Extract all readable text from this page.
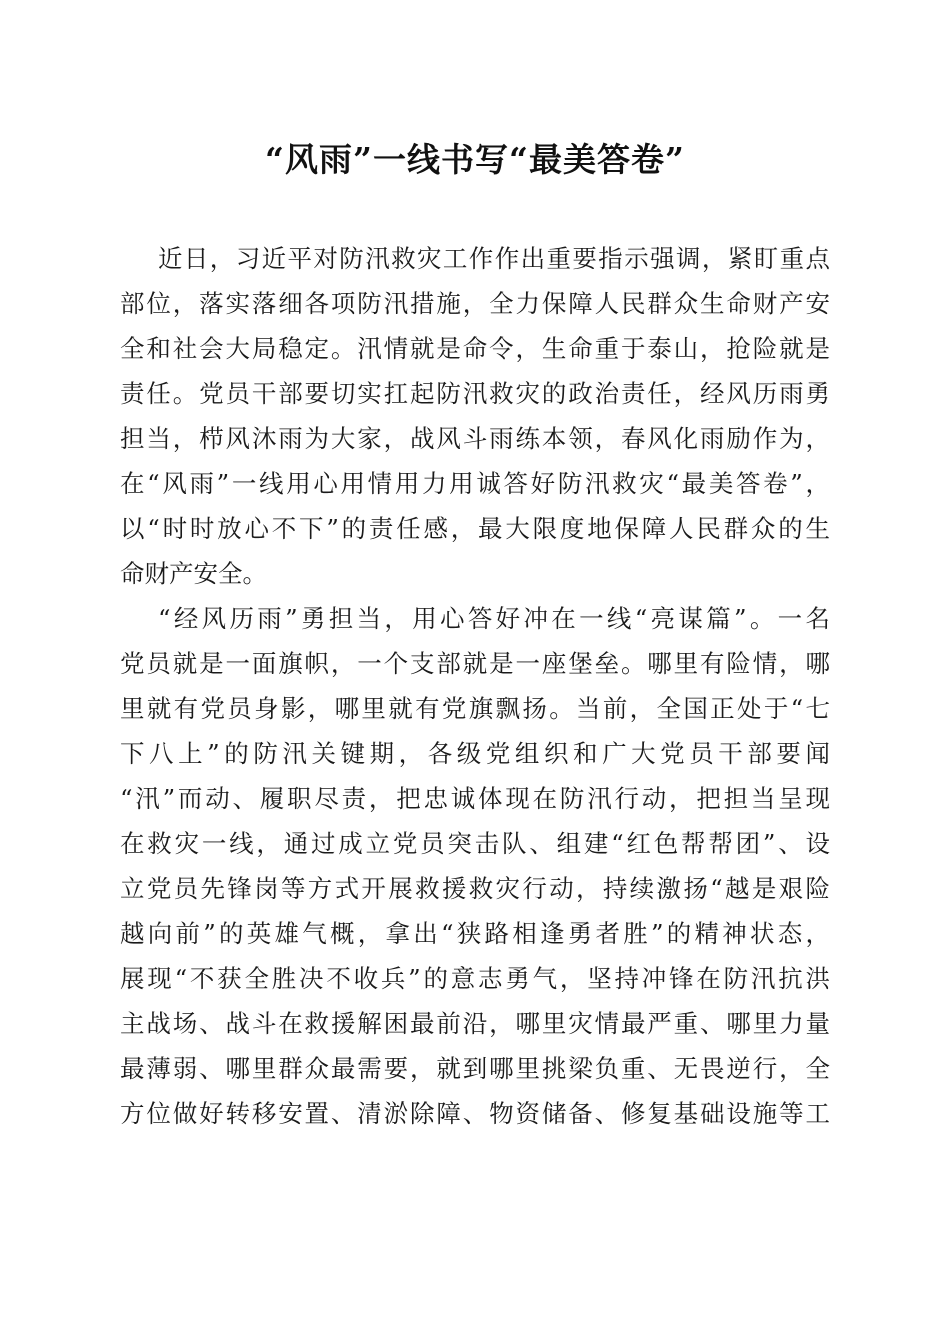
“风雨”一线书写“最美答卷”

近日，习近平对防汛救灾工作作出重要指示强调，紧盯重点

部位，落实落细各项防汛措施，全力保障人民群众生命财产安

全和社会大局稳定。汛情就是命令，生命重于泰山，抢险就是

责任。党员干部要切实扛起防汛救灾的政治责任，经风历雨勇

担当，栉风沐雨为大家，战风斗雨练本领，春风化雨励作为，

在“风雨”一线用心用情用力用诚答好防汛救灾“最美答卷”，

以“时时放心不下”的责任感，最大限度地保障人民群众的生

命财产安全。

“经风历雨”勇担当，用心答好冲在一线“亮谋篇”。一名

党员就是一面旗帜，一个支部就是一座堡垒。哪里有险情，哪

里就有党员身影，哪里就有党旗飘扬。当前，全国正处于“七

下八上”的防汛关键期，各级党组织和广大党员干部要闻

“汛”而动、履职尽责，把忠诚体现在防汛行动，把担当呈现

在救灾一线，通过成立党员突击队、组建“红色帮帮团”、设

立党员先锋岗等方式开展救援救灾行动，持续激扬“越是艰险

越向前”的英雄气概，拿出“狭路相逢勇者胜”的精神状态，

展现“不获全胜决不收兵”的意志勇气，坚持冲锋在防汛抗洪

主战场、战斗在救援解困最前沿，哪里灾情最严重、哪里力量

最薄弱、哪里群众最需要，就到哪里挑梁负重、无畏逆行，全

方位做好转移安置、清淤除障、物资储备、修复基础设施等工
